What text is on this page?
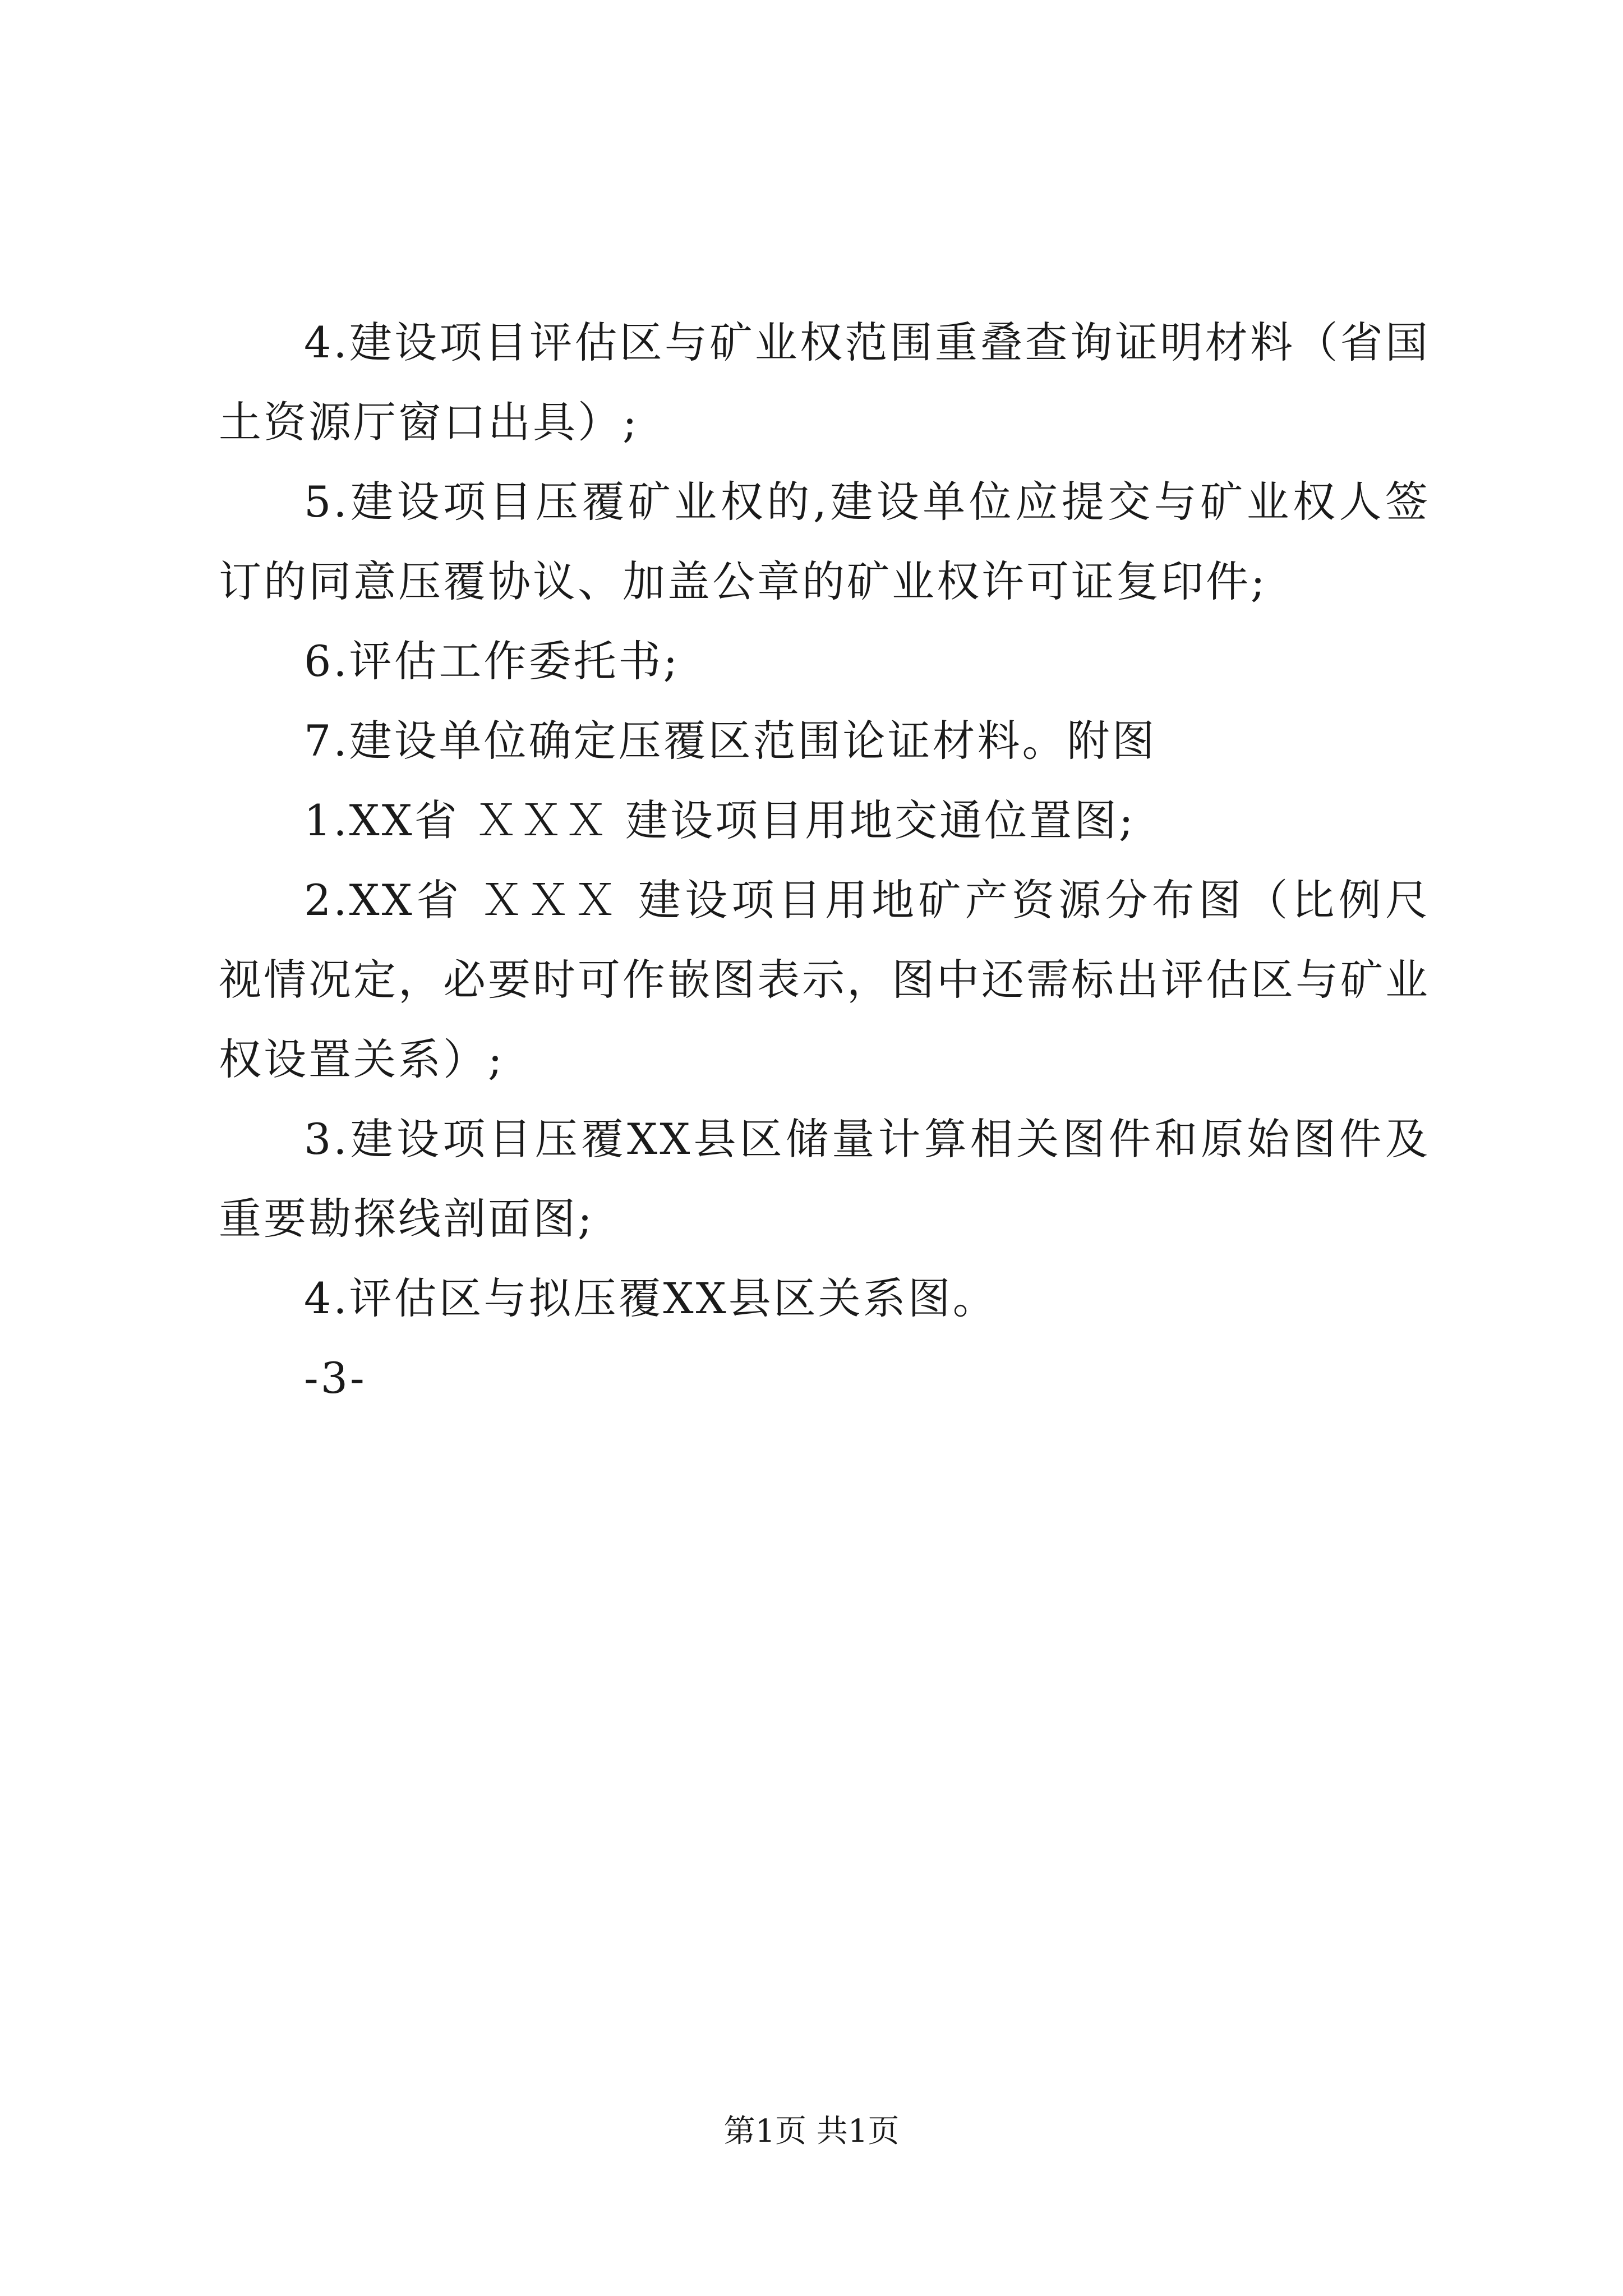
4.建设项目评估区与矿业权范围重叠查询证明材料（省国土资源厅窗口出具）;

5.建设项目压覆矿业权的,建设单位应提交与矿业权人签订的同意压覆协议、加盖公章的矿业权许可证复印件;

6.评估工作委托书;

7.建设单位确定压覆区范围论证材料。附图

1.XX省 ＸＸＸ 建设项目用地交通位置图;

2.XX省 ＸＸＸ 建设项目用地矿产资源分布图（比例尺视情况定，必要时可作嵌图表示，图中还需标出评估区与矿业权设置关系）;

3.建设项目压覆XX县区储量计算相关图件和原始图件及重要勘探线剖面图;

4.评估区与拟压覆XX县区关系图。

-3-

第1页 共1页
